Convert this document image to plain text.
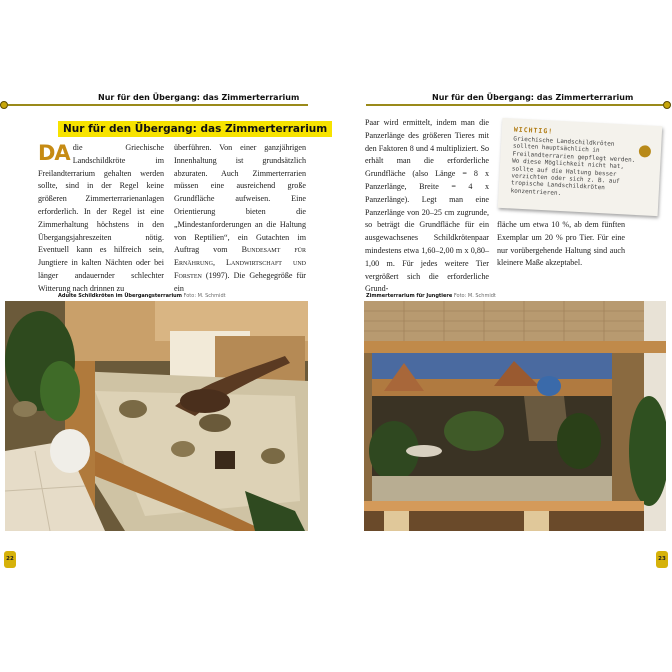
Nur für den Übergang: das Zimmerterrarium
Nur für den Übergang: das Zimmerterrarium

DA die Griechische Landschildkröte im Freilandterrarium gehalten werden sollte, sind in der Regel keine größeren Zimmerterrarienanlagen erforderlich. In der Regel ist eine Zimmerhaltung höchstens in den Übergangsjahreszeiten nötig. Eventuell kann es hilfreich sein, Jungtiere in kalten Nächten oder bei länger andauernder schlechter Witterung nach drinnen zu

überführen. Von einer ganzjährigen Innenhaltung ist grundsätzlich abzuraten. Auch Zimmerterrarien müssen eine ausreichend große Grundfläche aufweisen. Eine Orientierung bieten die „Mindestanforderungen an die Haltung von Reptilien“, ein Gutachten im Auftrag vom Bundesamt für Ernährung, Landwirtschaft und Forsten (1997). Die Gehegegröße für ein

Adulte Schildkröten im Übergangsterrarium Foto: M. Schmidt
22
Nur für den Übergang: das Zimmerterrarium

Paar wird ermittelt, indem man die Panzerlänge des größeren Tieres mit den Faktoren 8 und 4 multipliziert. So erhält man die erforderliche Grundfläche (also Länge = 8 x Panzerlänge, Breite = 4 x Panzerlänge). Legt man eine Panzerlänge von 20–25 cm zugrunde, so beträgt die Grundfläche für ein ausgewachsenes Schildkrötenpaar mindestens etwa 1,60–2,00 m x 0,80–1,00 m. Für jedes weitere Tier vergrößert sich die erforderliche Grund-

fläche um etwa 10 %, ab dem fünften Exemplar um 20 % pro Tier. Für eine nur vorübergehende Haltung sind auch kleinere Maße akzeptabel.

WICHTIG!
Griechische Landschildkröten sollten hauptsächlich in Freilandterrarien gepflegt werden. Wo diese Möglichkeit nicht hat, sollte auf die Haltung besser verzichten oder sich z. B. auf tropische Landschildkröten konzentrieren.
Zimmerterrarium für Jungtiere Foto: M. Schmidt
23
